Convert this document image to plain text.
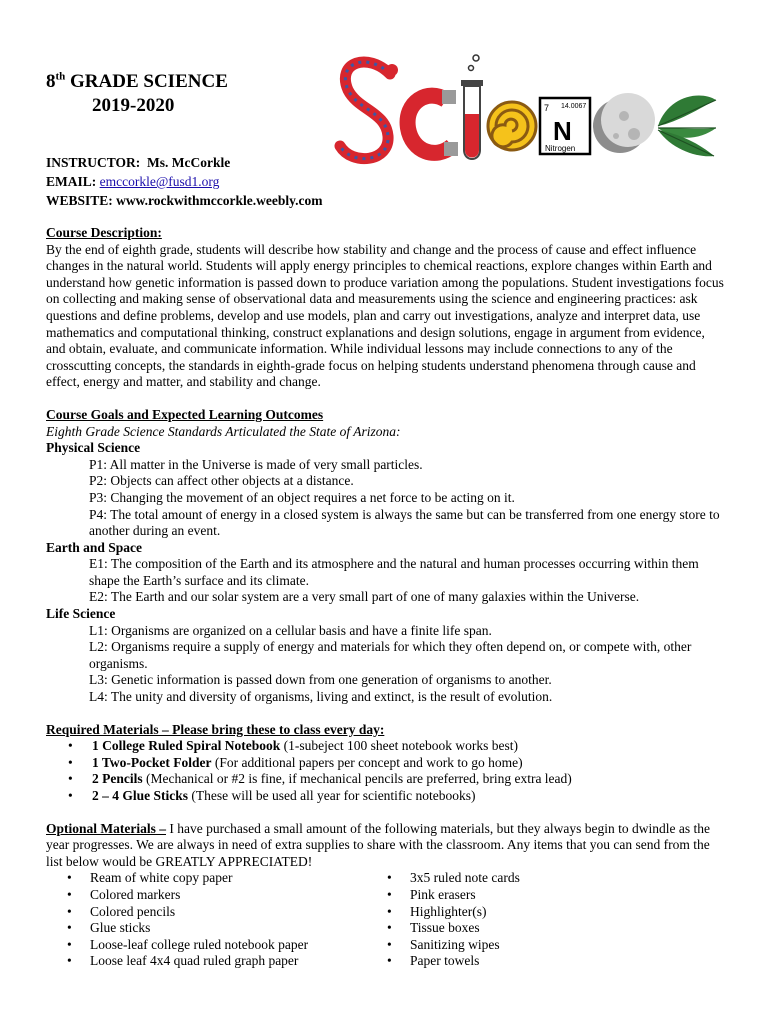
8th GRADE SCIENCE
2019-2020	7 14.0067
N
Nitrogen
INSTRUCTOR: Ms. McCorkle
EMAIL: emccorkle@fusd1.org
WEBSITE: www.rockwithmccorkle.weebly.com
Course Description:
By the end of eighth grade, students will describe how stability and change and the process of cause and effect influence changes in the natural world. Students will apply energy principles to chemical reactions, explore changes within Earth and understand how genetic information is passed down to produce variation among the populations. Student investigations focus on collecting and making sense of observational data and measurements using the science and engineering practices: ask questions and define problems, develop and use models, plan and carry out investigations, analyze and interpret data, use mathematics and computational thinking, construct explanations and design solutions, engage in argument from evidence, and obtain, evaluate, and communicate information. While individual lessons may include connections to any of the crosscutting concepts, the standards in eighth-grade focus on helping students understand phenomena through cause and effect, energy and matter, and stability and change.
Course Goals and Expected Learning Outcomes
Eighth Grade Science Standards Articulated the State of Arizona:
Physical Science
P1: All matter in the Universe is made of very small particles.
P2: Objects can affect other objects at a distance.
P3: Changing the movement of an object requires a net force to be acting on it.
P4: The total amount of energy in a closed system is always the same but can be transferred from one energy store to another during an event.
Earth and Space
E1: The composition of the Earth and its atmosphere and the natural and human processes occurring within them shape the Earth’s surface and its climate.
E2: The Earth and our solar system are a very small part of one of many galaxies within the Universe.
Life Science
L1: Organisms are organized on a cellular basis and have a finite life span.
L2: Organisms require a supply of energy and materials for which they often depend on, or compete with, other organisms.
L3: Genetic information is passed down from one generation of organisms to another.
L4: The unity and diversity of organisms, living and extinct, is the result of evolution.
Required Materials – Please bring these to class every day:
• 1 College Ruled Spiral Notebook (1-subeject 100 sheet notebook works best)
• 1 Two-Pocket Folder (For additional papers per concept and work to go home)
• 2 Pencils (Mechanical or #2 is fine, if mechanical pencils are preferred, bring extra lead)
• 2 – 4 Glue Sticks (These will be used all year for scientific notebooks)
Optional Materials – I have purchased a small amount of the following materials, but they always begin to dwindle as the year progresses. We are always in need of extra supplies to share with the classroom. Any items that you can send from the list below would be GREATLY APPRECIATED!
• Ream of white copy paper
• Colored markers
• Colored pencils
• Glue sticks
• Loose-leaf college ruled notebook paper
• Loose leaf 4x4 quad ruled graph paper
• 3x5 ruled note cards
• Pink erasers
• Highlighter(s)
• Tissue boxes
• Sanitizing wipes
• Paper towels
